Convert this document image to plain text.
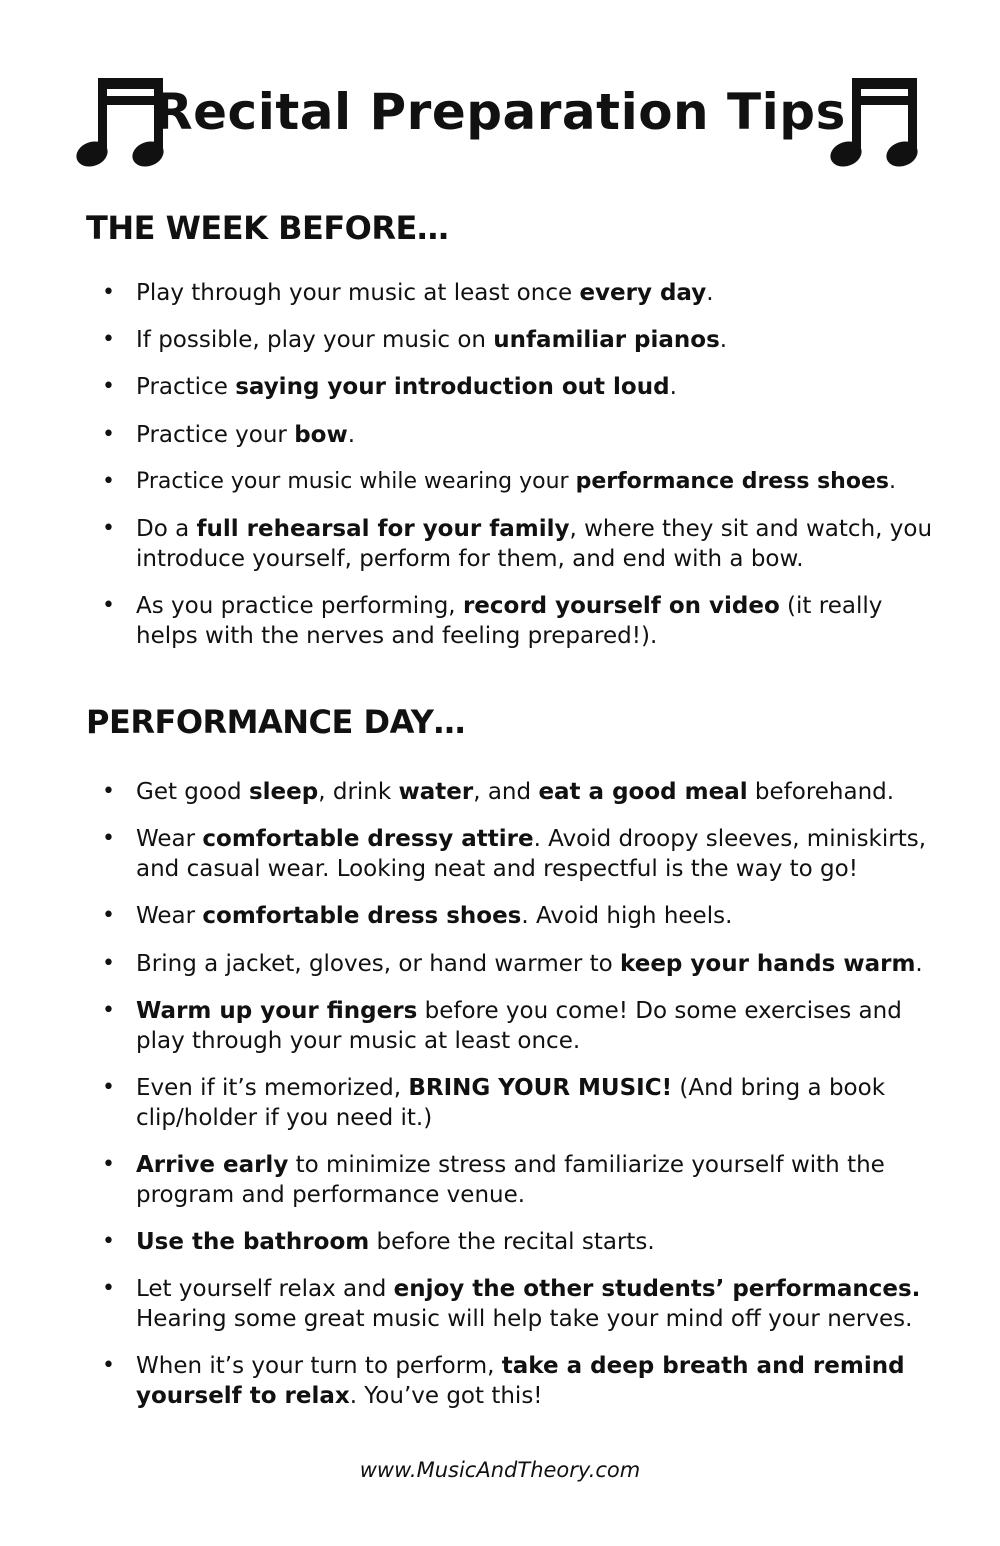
Recital Preparation Tips
THE WEEK BEFORE…
• Play through your music at least once every day.
• If possible, play your music on unfamiliar pianos.
• Practice saying your introduction out loud.
• Practice your bow.
• Practice your music while wearing your performance dress shoes.
• Do a full rehearsal for your family, where they sit and watch, you introduce yourself, perform for them, and end with a bow.
• As you practice performing, record yourself on video (it really helps with the nerves and feeling prepared!).
PERFORMANCE DAY…
• Get good sleep, drink water, and eat a good meal beforehand.
• Wear comfortable dressy attire. Avoid droopy sleeves, miniskirts, and casual wear. Looking neat and respectful is the way to go!
• Wear comfortable dress shoes. Avoid high heels.
• Bring a jacket, gloves, or hand warmer to keep your hands warm.
• Warm up your fingers before you come! Do some exercises and play through your music at least once.
• Even if it’s memorized, BRING YOUR MUSIC! (And bring a book clip/holder if you need it.)
• Arrive early to minimize stress and familiarize yourself with the program and performance venue.
• Use the bathroom before the recital starts.
• Let yourself relax and enjoy the other students’ performances. Hearing some great music will help take your mind off your nerves.
• When it’s your turn to perform, take a deep breath and remind yourself to relax. You’ve got this!
www.MusicAndTheory.com
